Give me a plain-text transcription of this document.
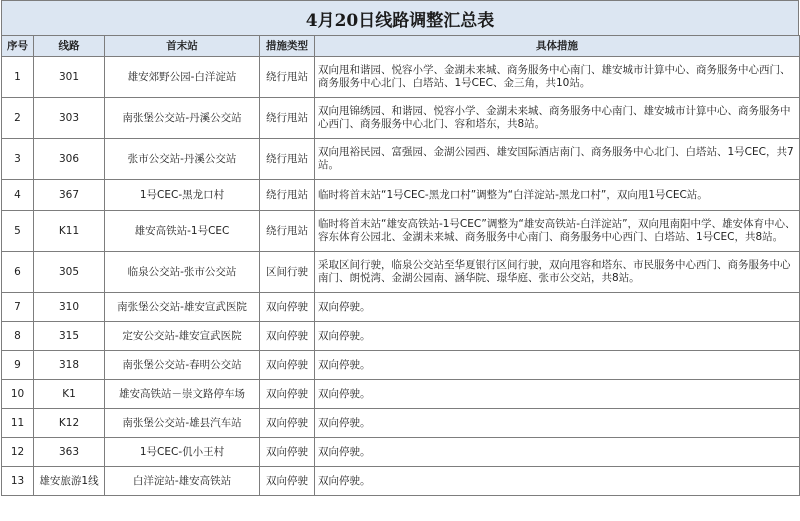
4月20日线路调整汇总表
序号	线路	首末站	措施类型	具体措施
1	301	雄安郊野公园-白洋淀站	绕行甩站	双向甩和谐园、悦容小学、金湖未来城、商务服务中心南门、雄安城市计算中心、商务服务中心西门、商务服务中心北门、白塔站、1号CEC、金三角，共10站。
2	303	南张堡公交站-丹溪公交站	绕行甩站	双向甩锦绣园、和谐园、悦容小学、金湖未来城、商务服务中心南门、雄安城市计算中心、商务服务中心西门、商务服务中心北门、容和塔东，共8站。
3	306	张市公交站-丹溪公交站	绕行甩站	双向甩裕民园、富强园、金湖公园西、雄安国际酒店南门、商务服务中心北门、白塔站、1号CEC，共7站。
4	367	1号CEC-黑龙口村	绕行甩站	临时将首末站“1号CEC-黑龙口村”调整为“白洋淀站-黑龙口村”，双向甩1号CEC站。
5	K11	雄安高铁站-1号CEC	绕行甩站	临时将首末站“雄安高铁站-1号CEC”调整为“雄安高铁站-白洋淀站”，双向甩南阳中学、雄安体育中心、容东体育公园北、金湖未来城、商务服务中心南门、商务服务中心西门、白塔站、1号CEC，共8站。
6	305	临泉公交站-张市公交站	区间行驶	采取区间行驶，临泉公交站至华夏银行区间行驶，双向甩容和塔东、市民服务中心西门、商务服务中心南门、朗悦湾、金湖公园南、涵华院、璟华庭、张市公交站，共8站。
7	310	南张堡公交站-雄安宣武医院	双向停驶	双向停驶。
8	315	定安公交站-雄安宣武医院	双向停驶	双向停驶。
9	318	南张堡公交站-春明公交站	双向停驶	双向停驶。
10	K1	雄安高铁站－崇文路停车场	双向停驶	双向停驶。
11	K12	南张堡公交站-雄县汽车站	双向停驶	双向停驶。
12	363	1号CEC-仉小王村	双向停驶	双向停驶。
13	雄安旅游1线	白洋淀站-雄安高铁站	双向停驶	双向停驶。
